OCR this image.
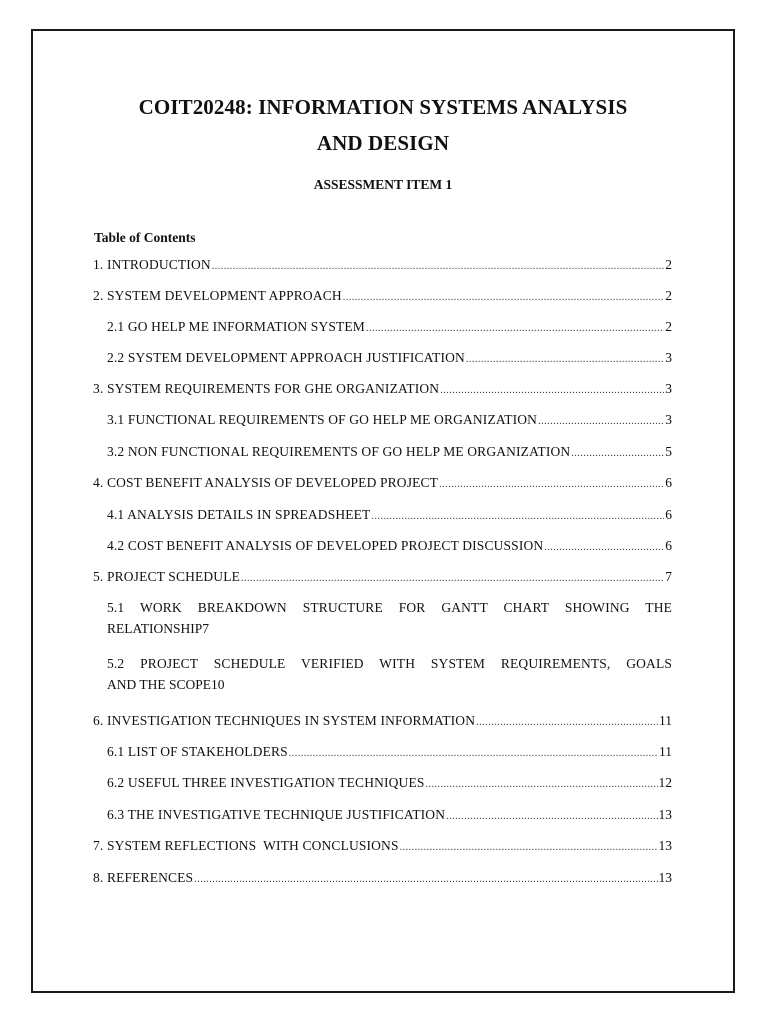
COIT20248: INFORMATION SYSTEMS ANALYSIS
AND DESIGN
ASSESSMENT ITEM 1
Table of Contents
1. INTRODUCTION .....	2
2. SYSTEM DEVELOPMENT APPROACH .....	2
2.1 GO HELP ME INFORMATION SYSTEM .....	2
2.2 SYSTEM DEVELOPMENT APPROACH JUSTIFICATION .....	3
3. SYSTEM REQUIREMENTS FOR GHE ORGANIZATION .....	3
3.1 FUNCTIONAL REQUIREMENTS OF GO HELP ME ORGANIZATION .....	3
3.2 NON FUNCTIONAL REQUIREMENTS OF GO HELP ME ORGANIZATION .....	5
4. COST BENEFIT ANALYSIS OF DEVELOPED PROJECT .....	6
4.1 ANALYSIS DETAILS IN SPREADSHEET .....	6
4.2 COST BENEFIT ANALYSIS OF DEVELOPED PROJECT DISCUSSION .....	6
5. PROJECT SCHEDULE .....	7
5.1 WORK BREAKDOWN STRUCTURE FOR GANTT CHART SHOWING THE
RELATIONSHIP 7
5.2 PROJECT SCHEDULE VERIFIED WITH SYSTEM REQUIREMENTS, GOALS
AND THE SCOPE 10
6. INVESTIGATION TECHNIQUES IN SYSTEM INFORMATION .....	11
6.1 LIST OF STAKEHOLDERS .....	11
6.2 USEFUL THREE INVESTIGATION TECHNIQUES .....	12
6.3 THE INVESTIGATIVE TECHNIQUE JUSTIFICATION .....	13
7. SYSTEM REFLECTIONS  WITH CONCLUSIONS .....	13
8. REFERENCES .....	13
